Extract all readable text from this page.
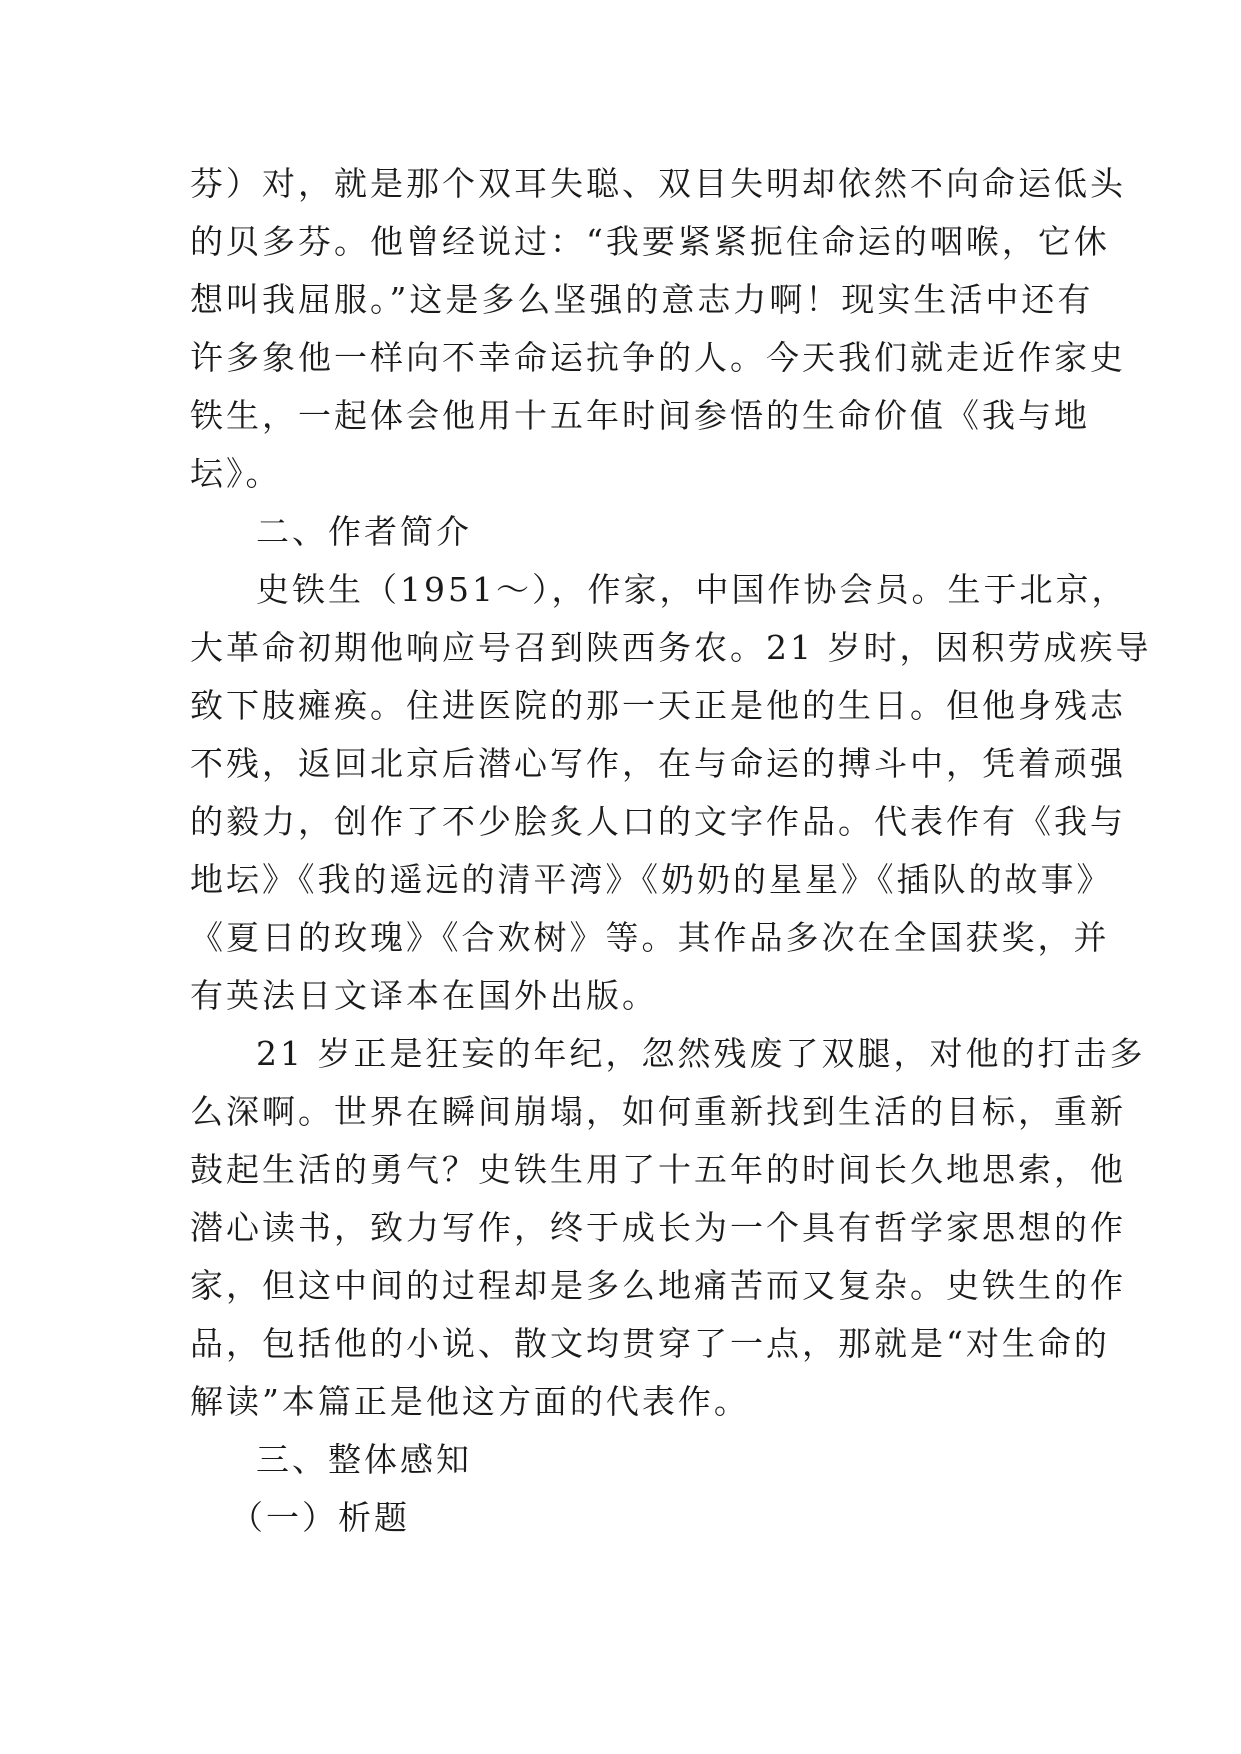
芬）对，就是那个双耳失聪、双目失明却依然不向命运低头
的贝多芬。他曾经说过：“我要紧紧扼住命运的咽喉，它休
想叫我屈服。”这是多么坚强的意志力啊！现实生活中还有
许多象他一样向不幸命运抗争的人。今天我们就走近作家史
铁生，一起体会他用十五年时间参悟的生命价值《我与地
坛》。
二、作者简介
史铁生（1951～），作家，中国作协会员。生于北京，
大革命初期他响应号召到陕西务农。21 岁时，因积劳成疾导
致下肢瘫痪。住进医院的那一天正是他的生日。但他身残志
不残，返回北京后潜心写作，在与命运的搏斗中，凭着顽强
的毅力，创作了不少脍炙人口的文字作品。代表作有《我与
地坛》《我的遥远的清平湾》《奶奶的星星》《插队的故事》
《夏日的玫瑰》《合欢树》等。其作品多次在全国获奖，并
有英法日文译本在国外出版。
21 岁正是狂妄的年纪，忽然残废了双腿，对他的打击多
么深啊。世界在瞬间崩塌，如何重新找到生活的目标，重新
鼓起生活的勇气？史铁生用了十五年的时间长久地思索，他
潜心读书，致力写作，终于成长为一个具有哲学家思想的作
家，但这中间的过程却是多么地痛苦而又复杂。史铁生的作
品，包括他的小说、散文均贯穿了一点，那就是“对生命的
解读”本篇正是他这方面的代表作。
三、整体感知
（一）析题
